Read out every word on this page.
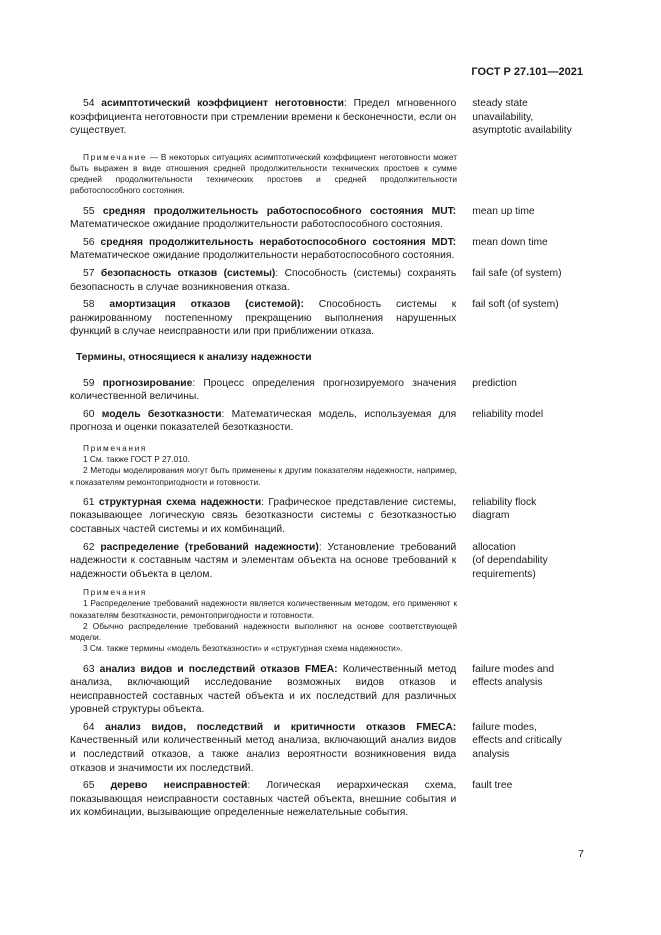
ГОСТ Р 27.101—2021
54 асимптотический коэффициент неготовности: Предел мгновенного коэффициента неготовности при стремлении времени к бесконечности, если он существует.
steady state
unavailability,
asymptotic availability
Примечание — В некоторых ситуациях асимптотический коэффициент неготовности может быть выражен в виде отношения средней продолжительности технических простоев к сумме средней продолжительности технических простоев и средней продолжительности работоспособного состояния.
55 средняя продолжительность работоспособного состояния MUT: Математическое ожидание продолжительности работоспособного состояния.
mean up time
56 средняя продолжительность неработоспособного состояния MDT: Математическое ожидание продолжительности неработоспособного состояния.
mean down time
57 безопасность отказов (системы): Способность (системы) сохранять безопасность в случае возникновения отказа.
fail safe (of system)
58 амортизация отказов (системой): Способность системы к ранжированному постепенному прекращению выполнения нарушенных функций в случае неисправности или при приближении отказа.
fail soft (of system)
Термины, относящиеся к анализу надежности
59 прогнозирование: Процесс определения прогнозируемого значения количественной величины.
prediction
60 модель безотказности: Математическая модель, используемая для прогноза и оценки показателей безотказности.
reliability model
Примечания
1 См. также ГОСТ Р 27.010.
2 Методы моделирования могут быть применены к другим показателям надежности, например, к показателям ремонтопригодности и готовности.
61 структурная схема надежности: Графическое представление системы, показывающее логическую связь безотказности системы с безотказностью составных частей системы и их комбинаций.
reliability flock
diagram
62 распределение (требований надежности): Установление требований надежности к составным частям и элементам объекта на основе требований к надежности объекта в целом.
allocation
(of dependability
requirements)
Примечания
1 Распределение требований надежности является количественным методом, его применяют к показателям безотказности, ремонтопригодности и готовности.
2 Обычно распределение требований надежности выполняют на основе соответствующей модели.
3 См. также термины «модель безотказности» и «структурная схема надежности».
63 анализ видов и последствий отказов FMEA: Количественный метод анализа, включающий исследование возможных видов отказов и неисправностей составных частей объекта и их последствий для различных уровней структуры объекта.
failure modes and
effects analysis
64 анализ видов, последствий и критичности отказов FMECA: Качественный или количественный метод анализа, включающий анализ видов и последствий отказов, а также анализ вероятности возникновения вида отказов и значимости их последствий.
failure modes,
effects and critically
analysis
65 дерево неисправностей: Логическая иерархическая схема, показывающая неисправности составных частей объекта, внешние события и их комбинации, вызывающие определенные нежелательные события.
fault tree
7
